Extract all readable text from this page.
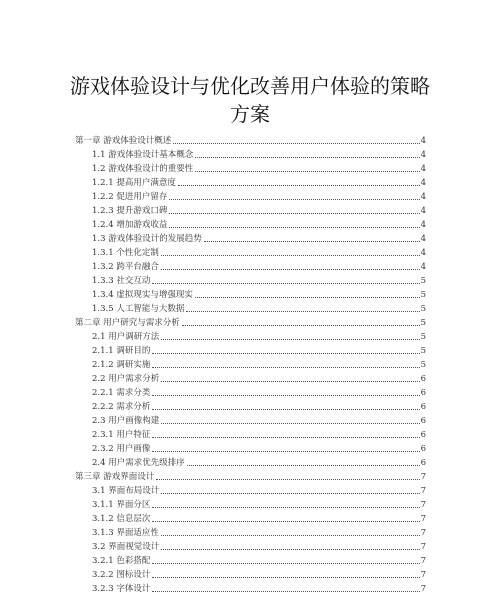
游戏体验设计与优化改善用户体验的策略
方案
第一章 游戏体验设计概述	4
1.1 游戏体验设计基本概念	4
1.2 游戏体验设计的重要性	4
1.2.1 提高用户满意度	4
1.2.2 促进用户留存	4
1.2.3 提升游戏口碑	4
1.2.4 增加游戏收益	4
1.3 游戏体验设计的发展趋势	4
1.3.1 个性化定制	4
1.3.2 跨平台融合	4
1.3.3 社交互动	5
1.3.4 虚拟现实与增强现实	5
1.3.5 人工智能与大数据	5
第二章 用户研究与需求分析	5
2.1 用户调研方法	5
2.1.1 调研目的	5
2.1.2 调研实施	5
2.2 用户需求分析	6
2.2.1 需求分类	6
2.2.2 需求分析	6
2.3 用户画像构建	6
2.3.1 用户特征	6
2.3.2 用户画像	6
2.4 用户需求优先级排序	6
第三章 游戏界面设计	7
3.1 界面布局设计	7
3.1.1 界面分区	7
3.1.2 信息层次	7
3.1.3 界面适应性	7
3.2 界面视觉设计	7
3.2.1 色彩搭配	7
3.2.2 图标设计	7
3.2.3 字体设计	7
